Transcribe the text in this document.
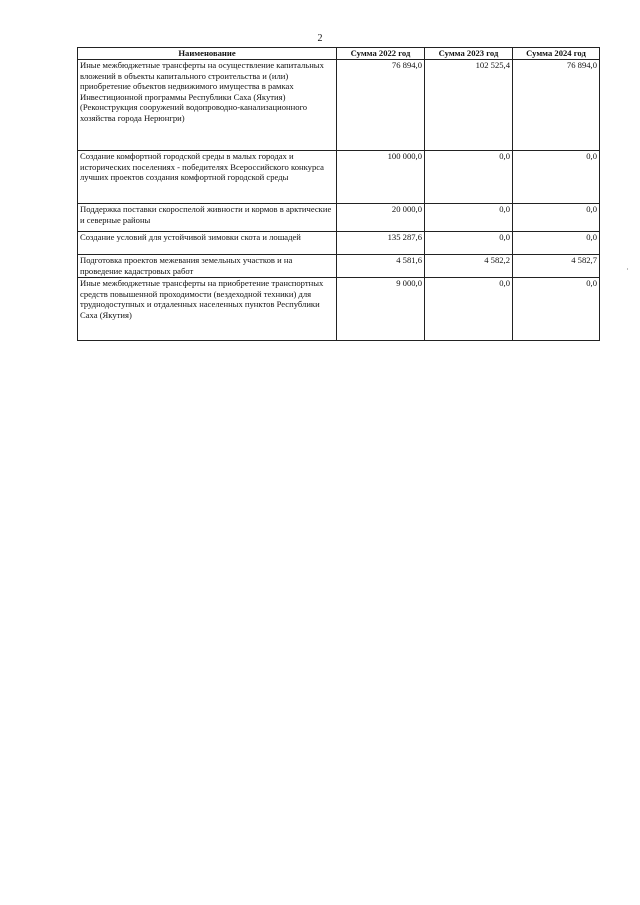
2
Наименование	Сумма 2022 год	Сумма 2023 год	Сумма 2024 год
Иные межбюджетные трансферты на осуществление капитальных вложений в объекты капитального строительства и (или) приобретение объектов недвижимого имущества в рамках Инвестиционной программы Республики Саха (Якутия) (Реконструкция сооружений водопроводно-канализационного хозяйства города Нерюнгри)	76 894,0	102 525,4	76 894,0
Создание комфортной городской среды в малых городах и исторических поселениях - победителях Всероссийского конкурса лучших проектов создания комфортной городской среды	100 000,0	0,0	0,0
Поддержка поставки скороспелой живности и кормов в арктические и северные районы	20 000,0	0,0	0,0
Создание условий для устойчивой зимовки скота и лошадей	135 287,6	0,0	0,0
Подготовка проектов межевания земельных участков и на проведение кадастровых работ	4 581,6	4 582,2	4 582,7
Иные межбюджетные трансферты на приобретение транспортных средств повышенной проходимости (вездеходной техники) для труднодоступных и отдаленных населенных пунктов Республики Саха (Якутия)	9 000,0	0,0	0,0
